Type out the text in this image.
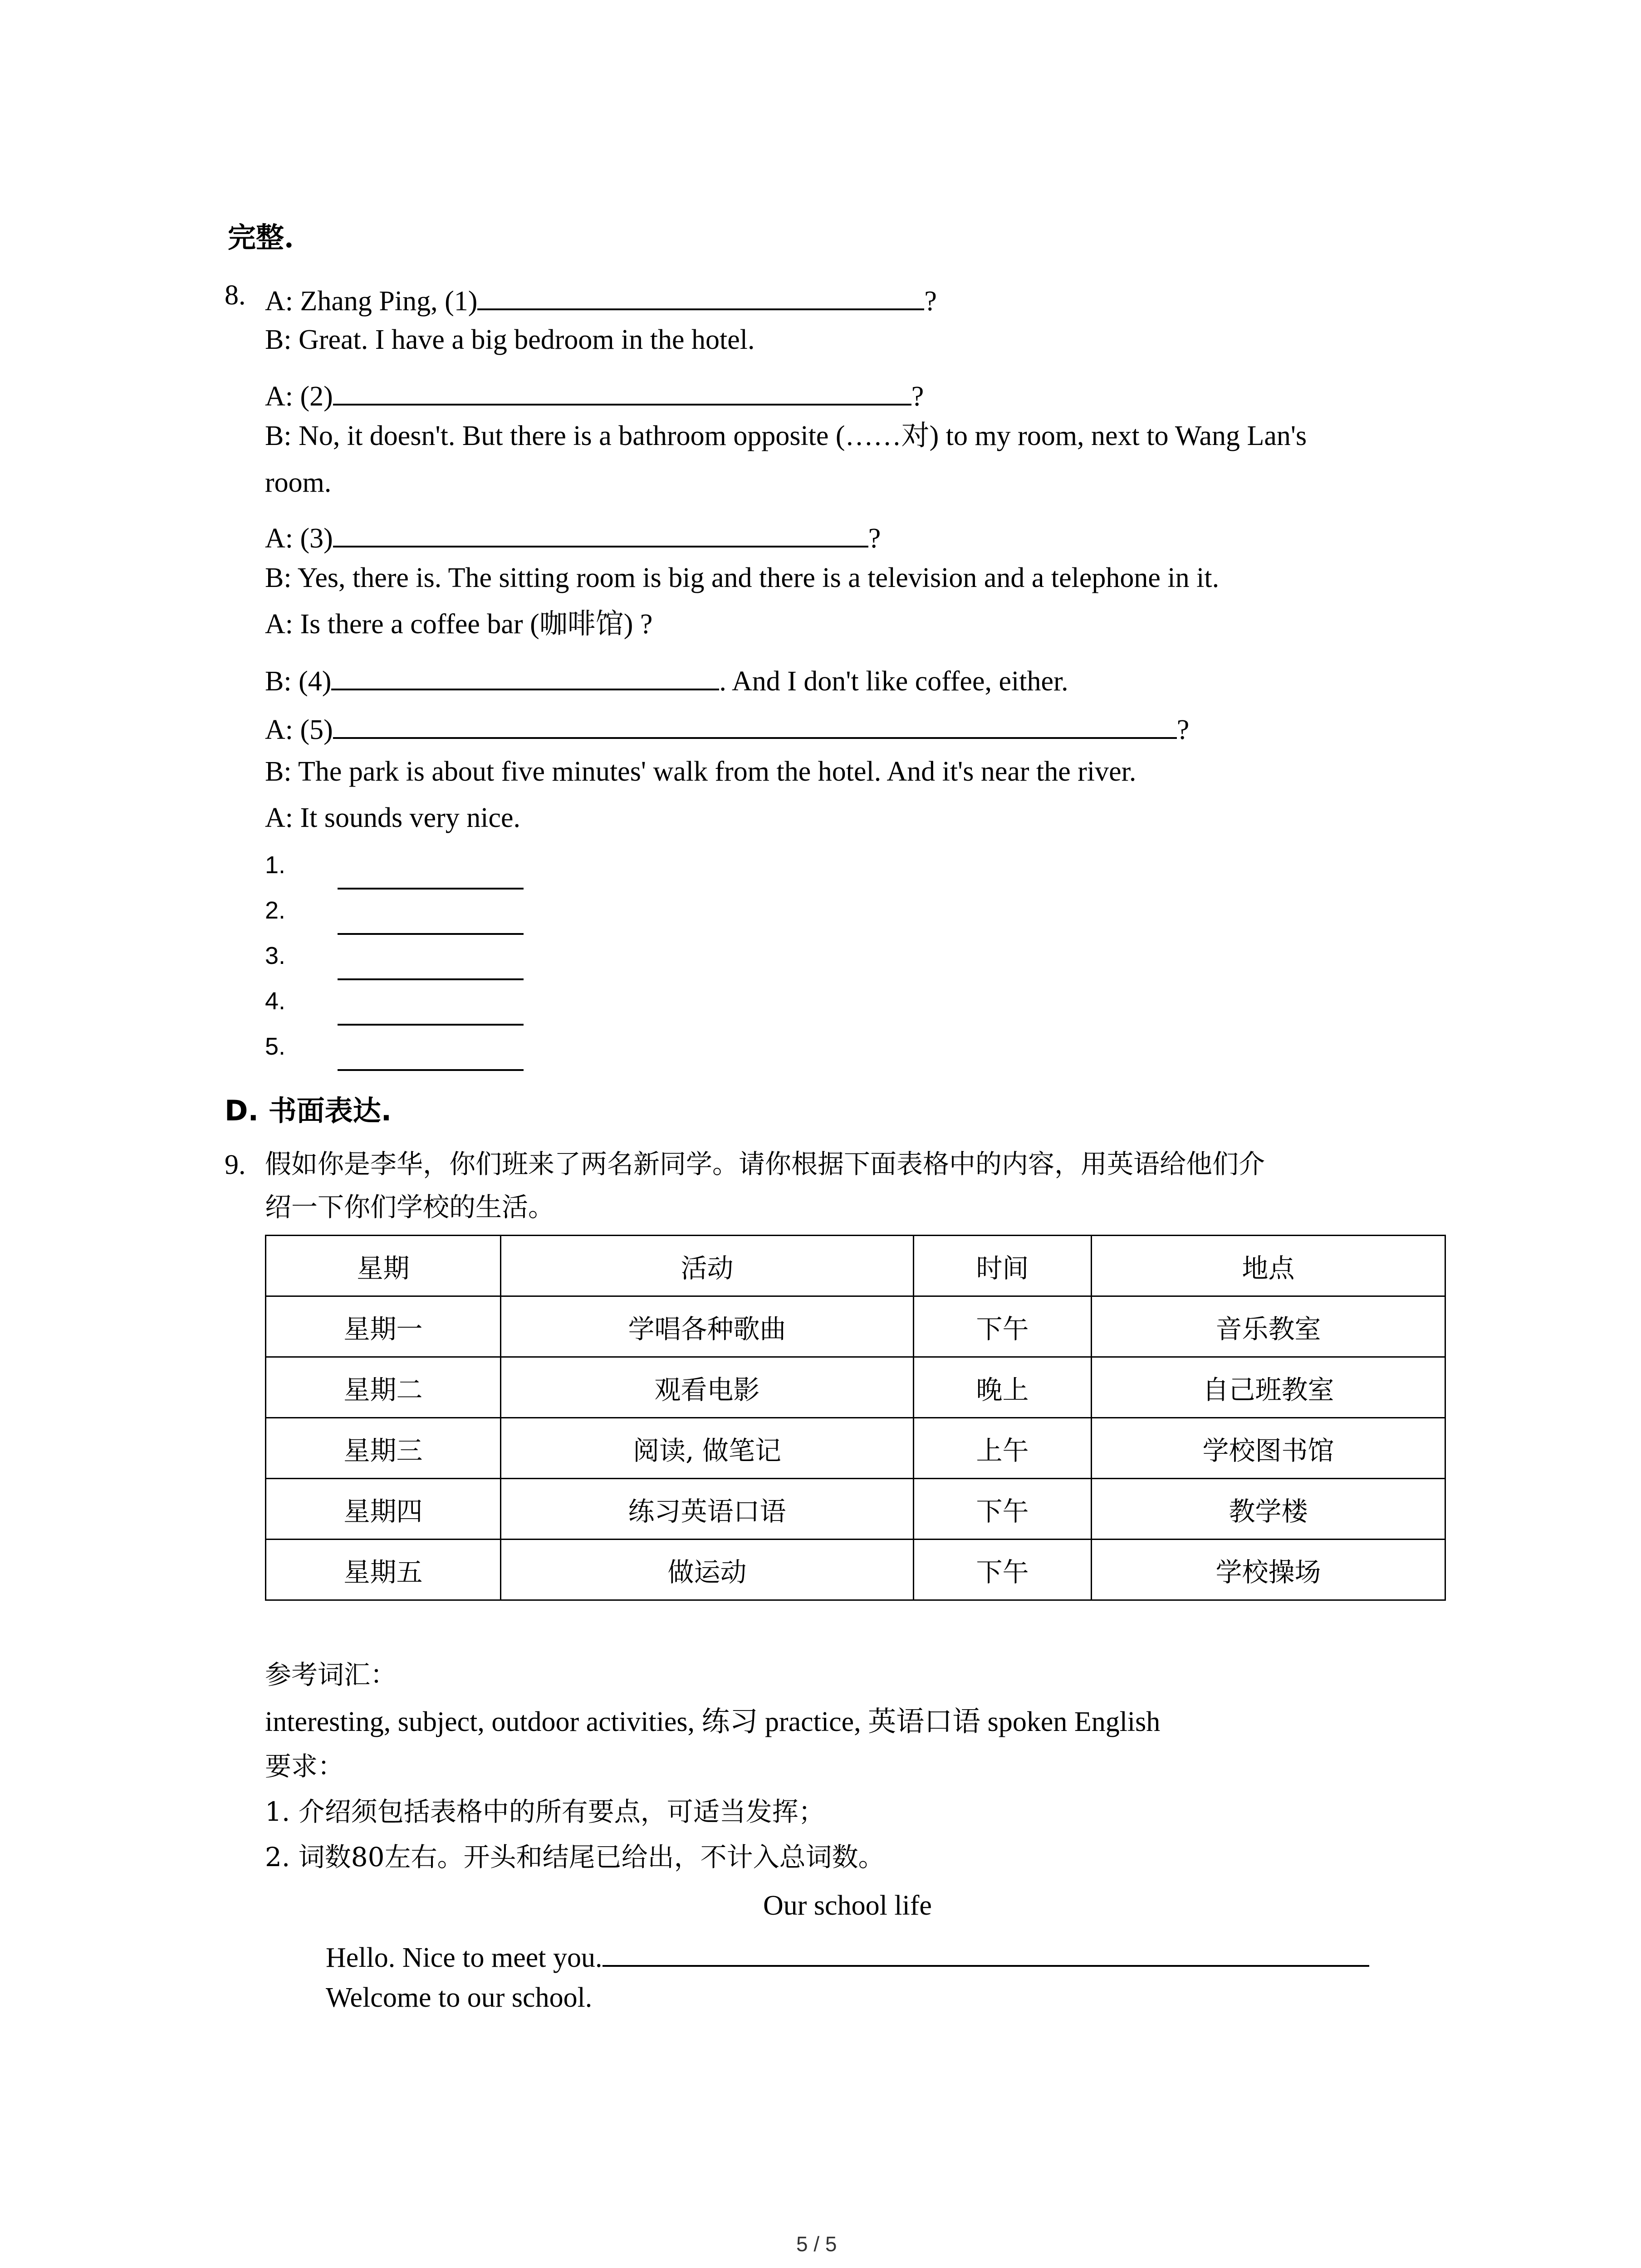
完整.
8. A: Zhang Ping, (1)	?
B: Great. I have a big bedroom in the hotel.
A: (2)	?
B: No, it doesn't. But there is a bathroom opposite (……对) to my room, next to Wang Lan's
room.
A: (3)	?
B: Yes, there is. The sitting room is big and there is a television and a telephone in it.
A: Is there a coffee bar (咖啡馆) ?
B: (4)	. And I don't like coffee, either.
A: (5)	?
B: The park is about five minutes' walk from the hotel. And it's near the river.
A: It sounds very nice.
1.
2.
3.
4.
5.
D. 书面表达.
9. 假如你是李华，你们班来了两名新同学。请你根据下面表格中的内容，用英语给他们介
绍一下你们学校的生活。
星期	活动	时间	地点
星期一	学唱各种歌曲	下午	音乐教室
星期二	观看电影	晚上	自己班教室
星期三	阅读, 做笔记	上午	学校图书馆
星期四	练习英语口语	下午	教学楼
星期五	做运动	下午	学校操场
参考词汇：
interesting, subject, outdoor activities, 练习 practice, 英语口语 spoken English
要求：
1. 介绍须包括表格中的所有要点，可适当发挥；
2. 词数80左右。开头和结尾已给出，不计入总词数。
Our school life
Hello. Nice to meet you.
Welcome to our school.
5 / 5
